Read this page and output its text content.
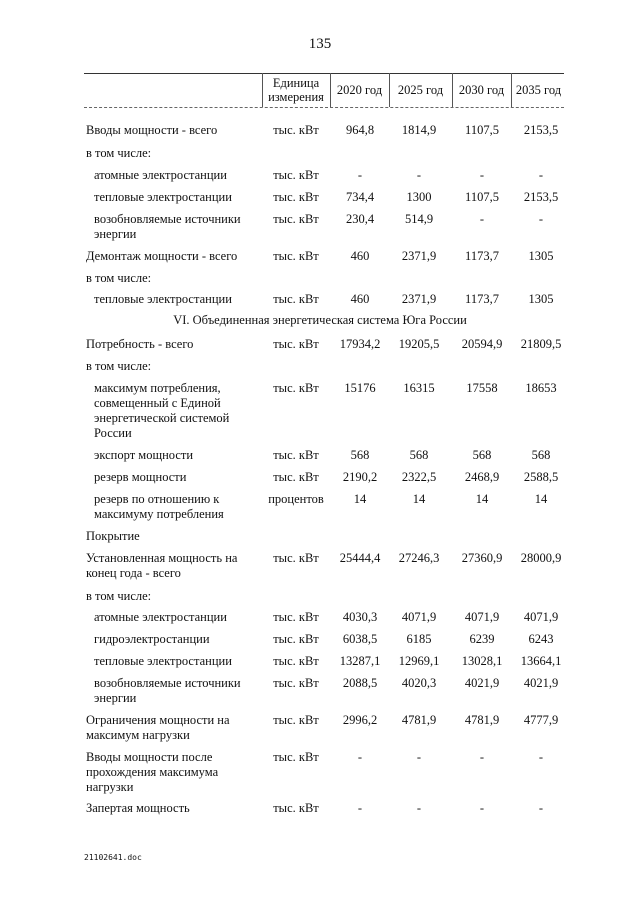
135
Единица измерения	2020 год	2025 год	2030 год 2035 год
Вводы мощности - всего	тыс. кВт	964,8	1814,9	1107,5	2153,5
в том числе:
атомные электростанции	тыс. кВт	-	-	-	-
тепловые электростанции	тыс. кВт	734,4	1300	1107,5	2153,5
возобновляемые источники энергии
тыс. кВт	230,4	514,9	-	-
Демонтаж мощности - всего	тыс. кВт	460	2371,9	1173,7	1305
в том числе:
тепловые электростанции	тыс. кВт	460	2371,9	1173,7	1305
VI. Объединенная энергетическая система Юга России
Потребность - всего	тыс. кВт	17934,2	19205,5	20594,9	21809,5
в том числе:
максимум потребления, совмещенный с Единой энергетической системой России
тыс. кВт	15176	16315	17558	18653
экспорт мощности	тыс. кВт	568	568	568	568
резерв мощности	тыс. кВт	2190,2	2322,5	2468,9	2588,5
резерв по отношению к максимуму потребления
процентов	14	14	14	14
Покрытие
Установленная мощность на конец года - всего
тыс. кВт	25444,4	27246,3	27360,9	28000,9
в том числе:
атомные электростанции	тыс. кВт	4030,3	4071,9	4071,9	4071,9
гидроэлектростанции	тыс. кВт	6038,5	6185	6239	6243
тепловые электростанции	тыс. кВт	13287,1	12969,1	13028,1	13664,1
возобновляемые источники энергии
тыс. кВт	2088,5	4020,3	4021,9	4021,9
Ограничения мощности на максимум нагрузки
тыс. кВт	2996,2	4781,9	4781,9	4777,9
Вводы мощности после прохождения максимума нагрузки
тыс. кВт	-	-	-	-
Запертая мощность	тыс. кВт	-	-	-	-
21102641.doc
